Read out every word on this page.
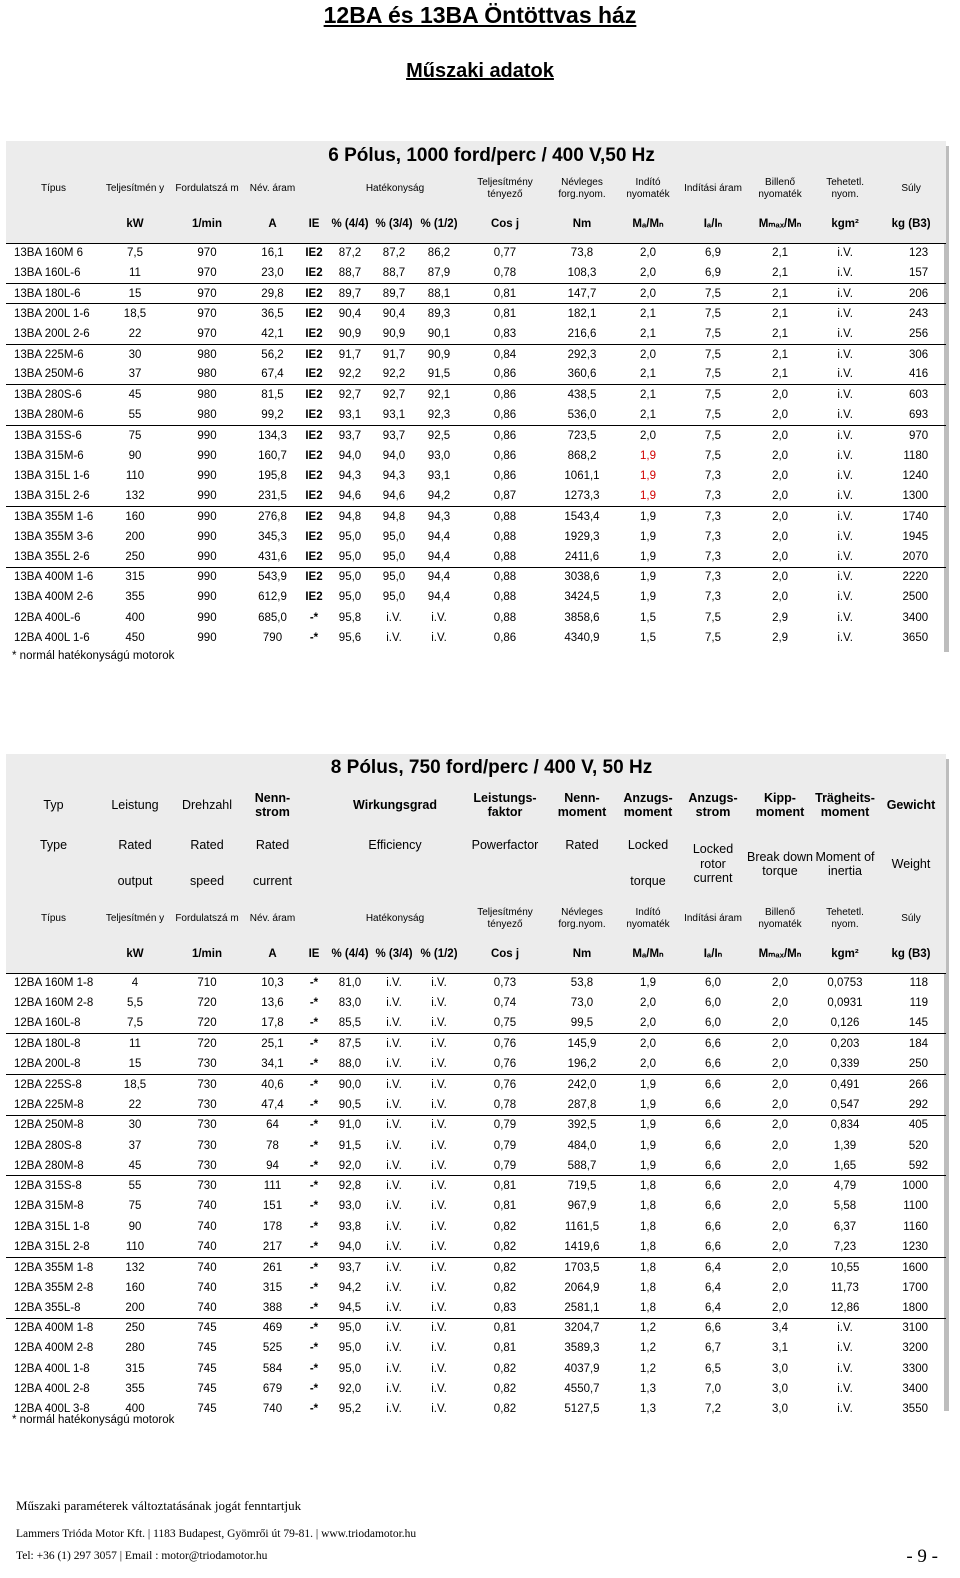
12BA és 13BA Öntöttvas ház
Műszaki adatok
		6 Pólus, 1000 ford/perc / 400 V,50 Hz												
Típus	Teljesítmén y	Fordulatszá m	Név. áram		Hatékonyság			Teljesítmény tényező	Névleges forg.nyom.	Indító nyomaték	Indítási áram	Billenő nyomaték	Tehetetl. nyom.	Súly
	kW	1/min	A	IE	% (4/4)	% (3/4)	% (1/2)	Cos j	Nm	Mₐ/Mₙ	Iₐ/Iₙ	Mₘₐₓ/Mₙ	kgm²	kg (B3)
13BA 160M 6	7,5	970	16,1	IE2	87,2	87,2	86,2	0,77	73,8	2,0	6,9	2,1	i.V.	123
13BA 160L-6	11	970	23,0	IE2	88,7	88,7	87,9	0,78	108,3	2,0	6,9	2,1	i.V.	157
13BA 180L-6	15	970	29,8	IE2	89,7	89,7	88,1	0,81	147,7	2,0	7,5	2,1	i.V.	206
13BA 200L 1-6	18,5	970	36,5	IE2	90,4	90,4	89,3	0,81	182,1	2,1	7,5	2,1	i.V.	243
13BA 200L 2-6	22	970	42,1	IE2	90,9	90,9	90,1	0,83	216,6	2,1	7,5	2,1	i.V.	256
13BA 225M-6	30	980	56,2	IE2	91,7	91,7	90,9	0,84	292,3	2,0	7,5	2,1	i.V.	306
13BA 250M-6	37	980	67,4	IE2	92,2	92,2	91,5	0,86	360,6	2,1	7,5	2,1	i.V.	416
13BA 280S-6	45	980	81,5	IE2	92,7	92,7	92,1	0,86	438,5	2,1	7,5	2,0	i.V.	603
13BA 280M-6	55	980	99,2	IE2	93,1	93,1	92,3	0,86	536,0	2,1	7,5	2,0	i.V.	693
13BA 315S-6	75	990	134,3	IE2	93,7	93,7	92,5	0,86	723,5	2,0	7,5	2,0	i.V.	970
13BA 315M-6	90	990	160,7	IE2	94,0	94,0	93,0	0,86	868,2	1,9	7,5	2,0	i.V.	1180
13BA 315L 1-6	110	990	195,8	IE2	94,3	94,3	93,1	0,86	1061,1	1,9	7,3	2,0	i.V.	1240
13BA 315L 2-6	132	990	231,5	IE2	94,6	94,6	94,2	0,87	1273,3	1,9	7,3	2,0	i.V.	1300
13BA 355M 1-6	160	990	276,8	IE2	94,8	94,8	94,3	0,88	1543,4	1,9	7,3	2,0	i.V.	1740
13BA 355M 3-6	200	990	345,3	IE2	95,0	95,0	94,4	0,88	1929,3	1,9	7,3	2,0	i.V.	1945
13BA 355L 2-6	250	990	431,6	IE2	95,0	95,0	94,4	0,88	2411,6	1,9	7,3	2,0	i.V.	2070
13BA 400M 1-6	315	990	543,9	IE2	95,0	95,0	94,4	0,88	3038,6	1,9	7,3	2,0	i.V.	2220
13BA 400M 2-6	355	990	612,9	IE2	95,0	95,0	94,4	0,88	3424,5	1,9	7,3	2,0	i.V.	2500
12BA 400L-6	400	990	685,0	-*	95,8	i.V.	i.V.	0,88	3858,6	1,5	7,5	2,9	i.V.	3400
12BA 400L 1-6	450	990	790	-*	95,6	i.V.	i.V.	0,86	4340,9	1,5	7,5	2,9	i.V.	3650
* normál hatékonyságú motorok
		8 Pólus, 750 ford/perc / 400 V, 50 Hz													
Typ	Leistung	Drehzahl	Nenn- strom		Wirkungsgrad			Leistungs- faktor	Nenn- moment	Anzugs- moment	Anzugs- strom	Kipp- moment	Trägheits- moment	Gewicht	
Type	Rated	Rated	Rated		Efficiency			Powerfactor	Rated	Locked	Locked rotor current	Break down torque	Moment of inertia	Weight	
	output	speed	current							torque	
Típus	Teljesítmén y	Fordulatszá m	Név. áram		Hatékonyság			Teljesítmény tényező	Névleges forg.nyom.	Indító nyomaték	Indítási áram	Billenő nyomaték	Tehetetl. nyom.	Súly	
	kW	1/min	A	IE	% (4/4)	% (3/4)	% (1/2)	Cos j	Nm	Mₐ/Mₙ	Iₐ/Iₙ	Mₘₐₓ/Mₙ	kgm²	kg (B3)	
12BA 160M 1-8	4	710	10,3	-*	81,0	i.V.	i.V.	0,73	53,8	1,9	6,0	2,0	0,0753	118	
12BA 160M 2-8	5,5	720	13,6	-*	83,0	i.V.	i.V.	0,74	73,0	2,0	6,0	2,0	0,0931	119	
12BA 160L-8	7,5	720	17,8	-*	85,5	i.V.	i.V.	0,75	99,5	2,0	6,0	2,0	0,126	145	
12BA 180L-8	11	720	25,1	-*	87,5	i.V.	i.V.	0,76	145,9	2,0	6,6	2,0	0,203	184	
12BA 200L-8	15	730	34,1	-*	88,0	i.V.	i.V.	0,76	196,2	2,0	6,6	2,0	0,339	250	
12BA 225S-8	18,5	730	40,6	-*	90,0	i.V.	i.V.	0,76	242,0	1,9	6,6	2,0	0,491	266	
12BA 225M-8	22	730	47,4	-*	90,5	i.V.	i.V.	0,78	287,8	1,9	6,6	2,0	0,547	292	
12BA 250M-8	30	730	64	-*	91,0	i.V.	i.V.	0,79	392,5	1,9	6,6	2,0	0,834	405	
12BA 280S-8	37	730	78	-*	91,5	i.V.	i.V.	0,79	484,0	1,9	6,6	2,0	1,39	520	
12BA 280M-8	45	730	94	-*	92,0	i.V.	i.V.	0,79	588,7	1,9	6,6	2,0	1,65	592	
12BA 315S-8	55	730	111	-*	92,8	i.V.	i.V.	0,81	719,5	1,8	6,6	2,0	4,79	1000	
12BA 315M-8	75	740	151	-*	93,0	i.V.	i.V.	0,81	967,9	1,8	6,6	2,0	5,58	1100	
12BA 315L 1-8	90	740	178	-*	93,8	i.V.	i.V.	0,82	1161,5	1,8	6,6	2,0	6,37	1160	
12BA 315L 2-8	110	740	217	-*	94,0	i.V.	i.V.	0,82	1419,6	1,8	6,6	2,0	7,23	1230	
12BA 355M 1-8	132	740	261	-*	93,7	i.V.	i.V.	0,82	1703,5	1,8	6,4	2,0	10,55	1600	
12BA 355M 2-8	160	740	315	-*	94,2	i.V.	i.V.	0,82	2064,9	1,8	6,4	2,0	11,73	1700	
12BA 355L-8	200	740	388	-*	94,5	i.V.	i.V.	0,83	2581,1	1,8	6,4	2,0	12,86	1800	
12BA 400M 1-8	250	745	469	-*	95,0	i.V.	i.V.	0,81	3204,7	1,2	6,6	3,4	i.V.	3100	
12BA 400M 2-8	280	745	525	-*	95,0	i.V.	i.V.	0,81	3589,3	1,2	6,7	3,1	i.V.	3200	
12BA 400L 1-8	315	745	584	-*	95,0	i.V.	i.V.	0,82	4037,9	1,2	6,5	3,0	i.V.	3300	
12BA 400L 2-8	355	745	679	-*	92,0	i.V.	i.V.	0,82	4550,7	1,3	7,0	3,0	i.V.	3400	
12BA 400L 3-8	400	745	740	-*	95,2	i.V.	i.V.	0,82	5127,5	1,3	7,2	3,0	i.V.	3550	
* normál hatékonyságú motorok
Műszaki paraméterek változtatásának jogát fenntartjuk
Lammers Trióda Motor Kft. | 1183 Budapest, Gyömrői út 79-81. | www.triodamotor.hu
Tel: +36 (1) 297 3057 | Email : motor@triodamotor.hu	- 9 -
